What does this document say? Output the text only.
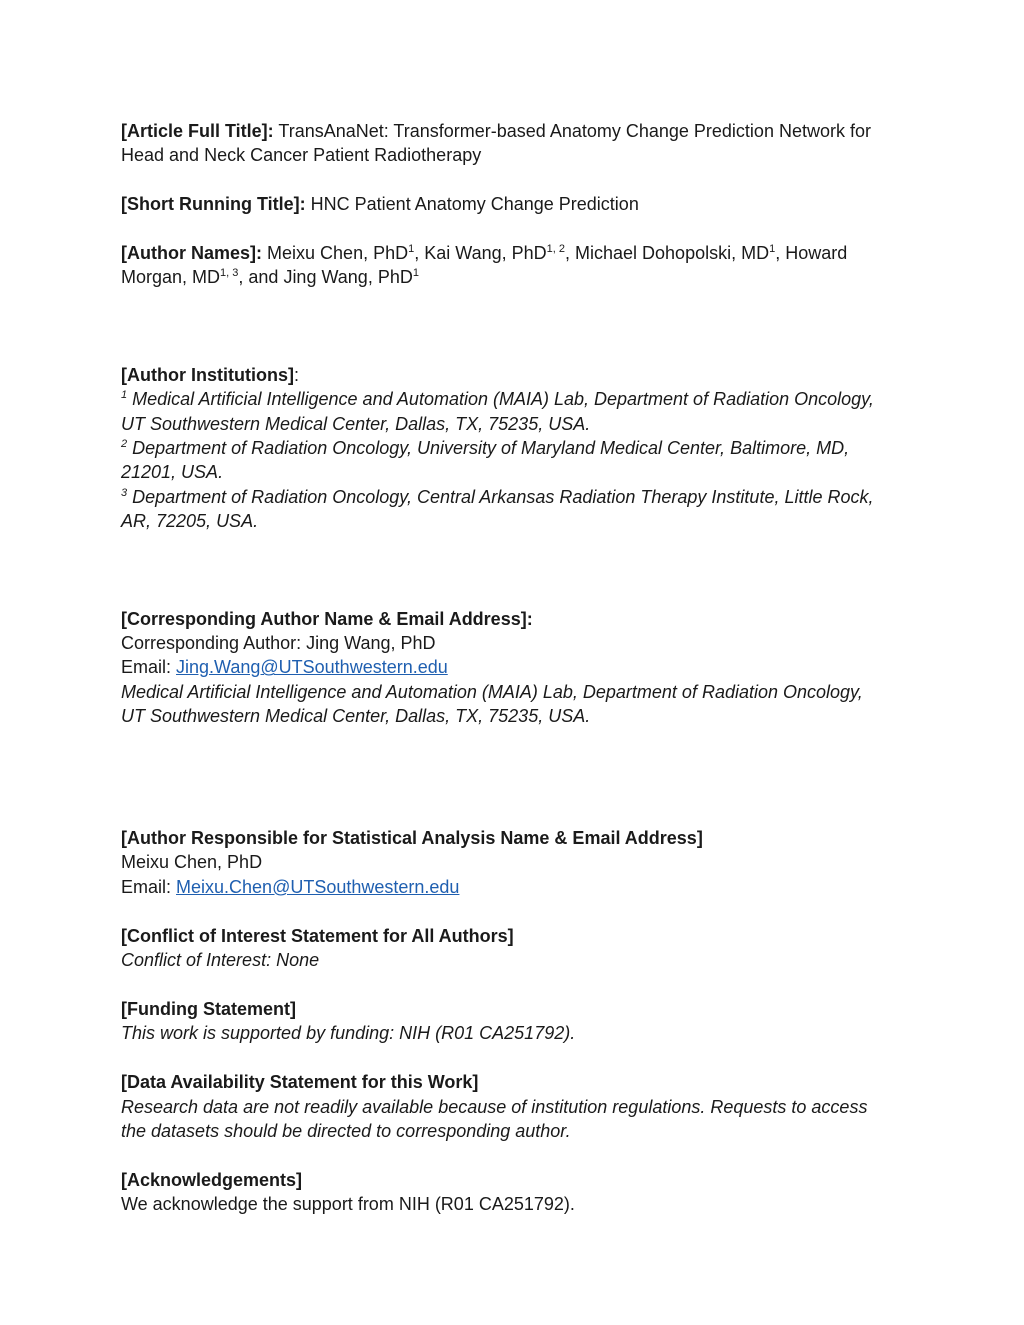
[Article Full Title]: TransAnaNet: Transformer-based Anatomy Change Prediction Network for
Head and Neck Cancer Patient Radiotherapy
[Short Running Title]: HNC Patient Anatomy Change Prediction
[Author Names]: Meixu Chen, PhD$^1$, Kai Wang, PhD$^{1, 2}$, Michael Dohopolski, $MD^1$, Howard
Morgan, MD$^{1, 3}$, and Jing Wang, PhD$^1$
[Author Institutions]:
$^1$ Medical Artificial Intelligence and Automation (MAIA) Lab, Department of Radiation Oncology,
UT Southwestern Medical Center, Dallas, TX, 75235, USA.
$^2$ Department of Radiation Oncology, University of Maryland Medical Center, Baltimore, MD,
21201, USA.
$^3$ Department of Radiation Oncology, Central Arkansas Radiation Therapy Institute, Little Rock,
AR, 72205, USA.
[Corresponding Author Name & Email Address]:
Corresponding Author: Jing Wang, PhD
Email: Jing.Wang@UTSouthwestern.edu
Medical Artificial Intelligence and Automation (MAIA) Lab, Department of Radiation Oncology,
UT Southwestern Medical Center, Dallas, TX, 75235, USA.
[Author Responsible for Statistical Analysis Name & Email Address]
Meixu Chen, PhD
Email: Meixu.Chen@UTSouthwestern.edu
[Conflict of Interest Statement for All Authors]
Conflict of Interest: None
[Funding Statement]
This work is supported by funding: NIH (R01 CA251792).
[Data Availability Statement for this Work]
Research data are not readily available because of institution regulations. Requests to access
the datasets should be directed to corresponding author.
[Acknowledgements]
We acknowledge the support from NIH (R01 CA251792).
